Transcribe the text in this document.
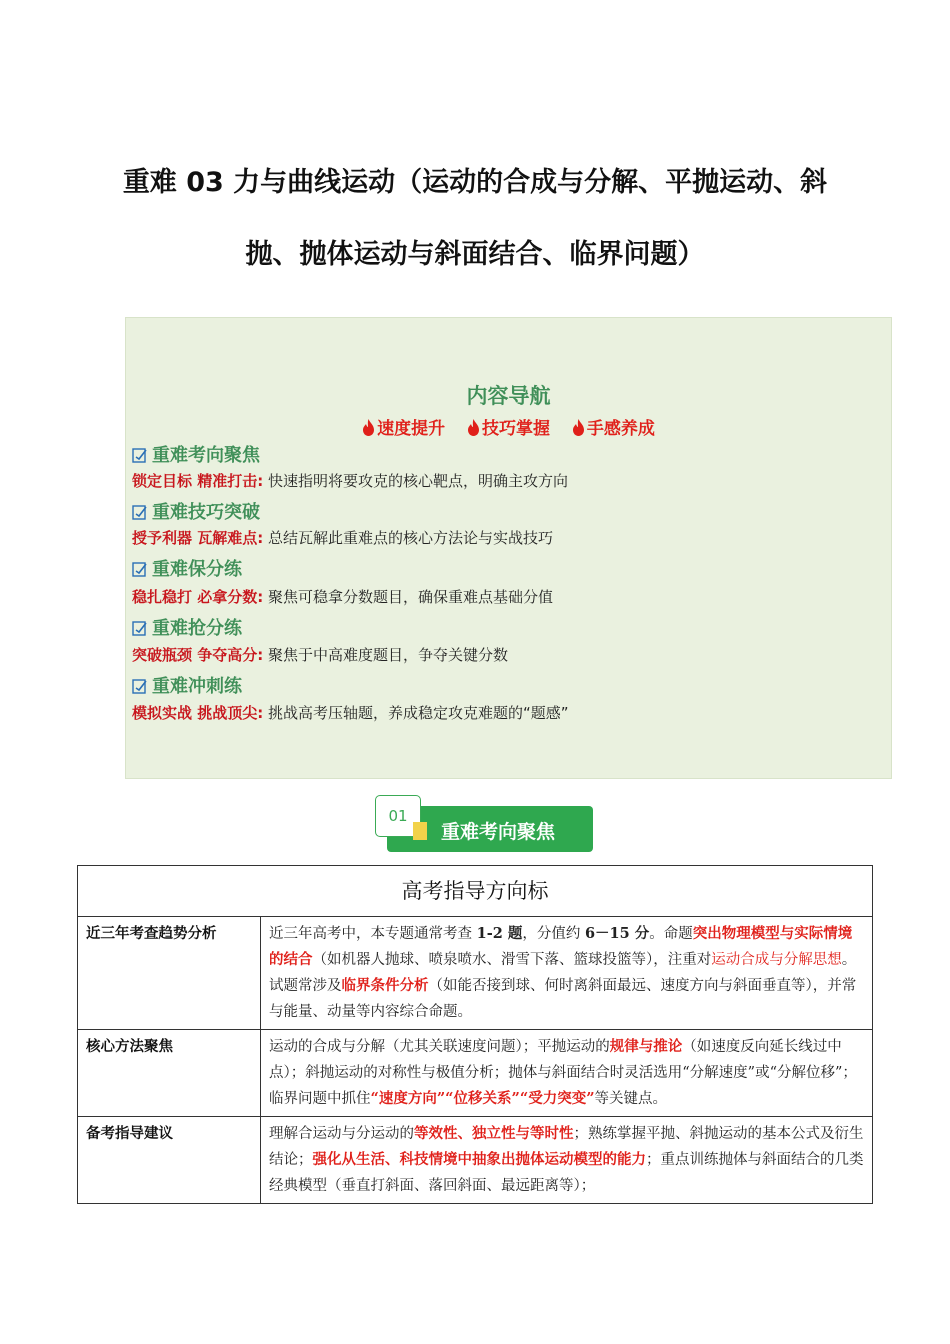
重难 03 力与曲线运动（运动的合成与分解、平抛运动、斜
抛、抛体运动与斜面结合、临界问题）
内容导航
速度提升 技巧掌握 手感养成
重难考向聚焦
锁定目标 精准打击: 快速指明将要攻克的核心靶点，明确主攻方向
重难技巧突破
授予利器 瓦解难点: 总结瓦解此重难点的核心方法论与实战技巧
重难保分练
稳扎稳打 必拿分数: 聚焦可稳拿分数题目，确保重难点基础分值
重难抢分练
突破瓶颈 争夺高分: 聚焦于中高难度题目，争夺关键分数
重难冲刺练
模拟实战 挑战顶尖: 挑战高考压轴题，养成稳定攻克难题的“题感”
01
重难考向聚焦
高考指导方向标	
近三年考查趋势分析	近三年高考中，本专题通常考查 1-2 题，分值约 6－15 分。命题突出物理模型与实际情境的结合（如机器人抛球、喷泉喷水、滑雪下落、篮球投篮等），注重对运动合成与分解思想。试题常涉及临界条件分析（如能否接到球、何时离斜面最远、速度方向与斜面垂直等），并常与能量、动量等内容综合命题。
核心方法聚焦	运动的合成与分解（尤其关联速度问题）；平抛运动的规律与推论（如速度反向延长线过中点）；斜抛运动的对称性与极值分析；抛体与斜面结合时灵活选用“分解速度”或“分解位移”；临界问题中抓住“速度方向”“位移关系”“受力突变”等关键点。
备考指导建议	理解合运动与分运动的等效性、独立性与等时性；熟练掌握平抛、斜抛运动的基本公式及衍生结论；强化从生活、科技情境中抽象出抛体运动模型的能力；重点训练抛体与斜面结合的几类经典模型（垂直打斜面、落回斜面、最远距离等）；
